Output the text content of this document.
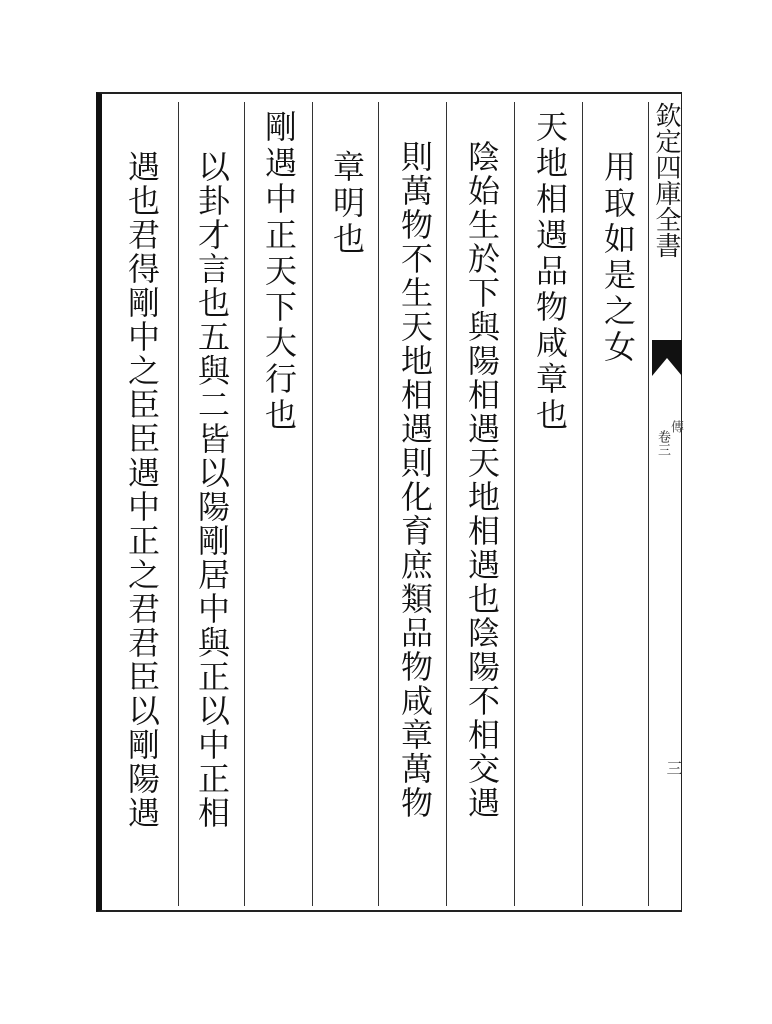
欽定四庫全書
傳
卷三
三
用取如是之女
天地相遇品物咸章也
陰始生於下與陽相遇天地相遇也陰陽不相交遇
則萬物不生天地相遇則化育庶類品物咸章萬物
章明也
剛遇中正天下大行也
以卦才言也五與二皆以陽剛居中與正以中正相
遇也君得剛中之臣臣遇中正之君君臣以剛陽遇
